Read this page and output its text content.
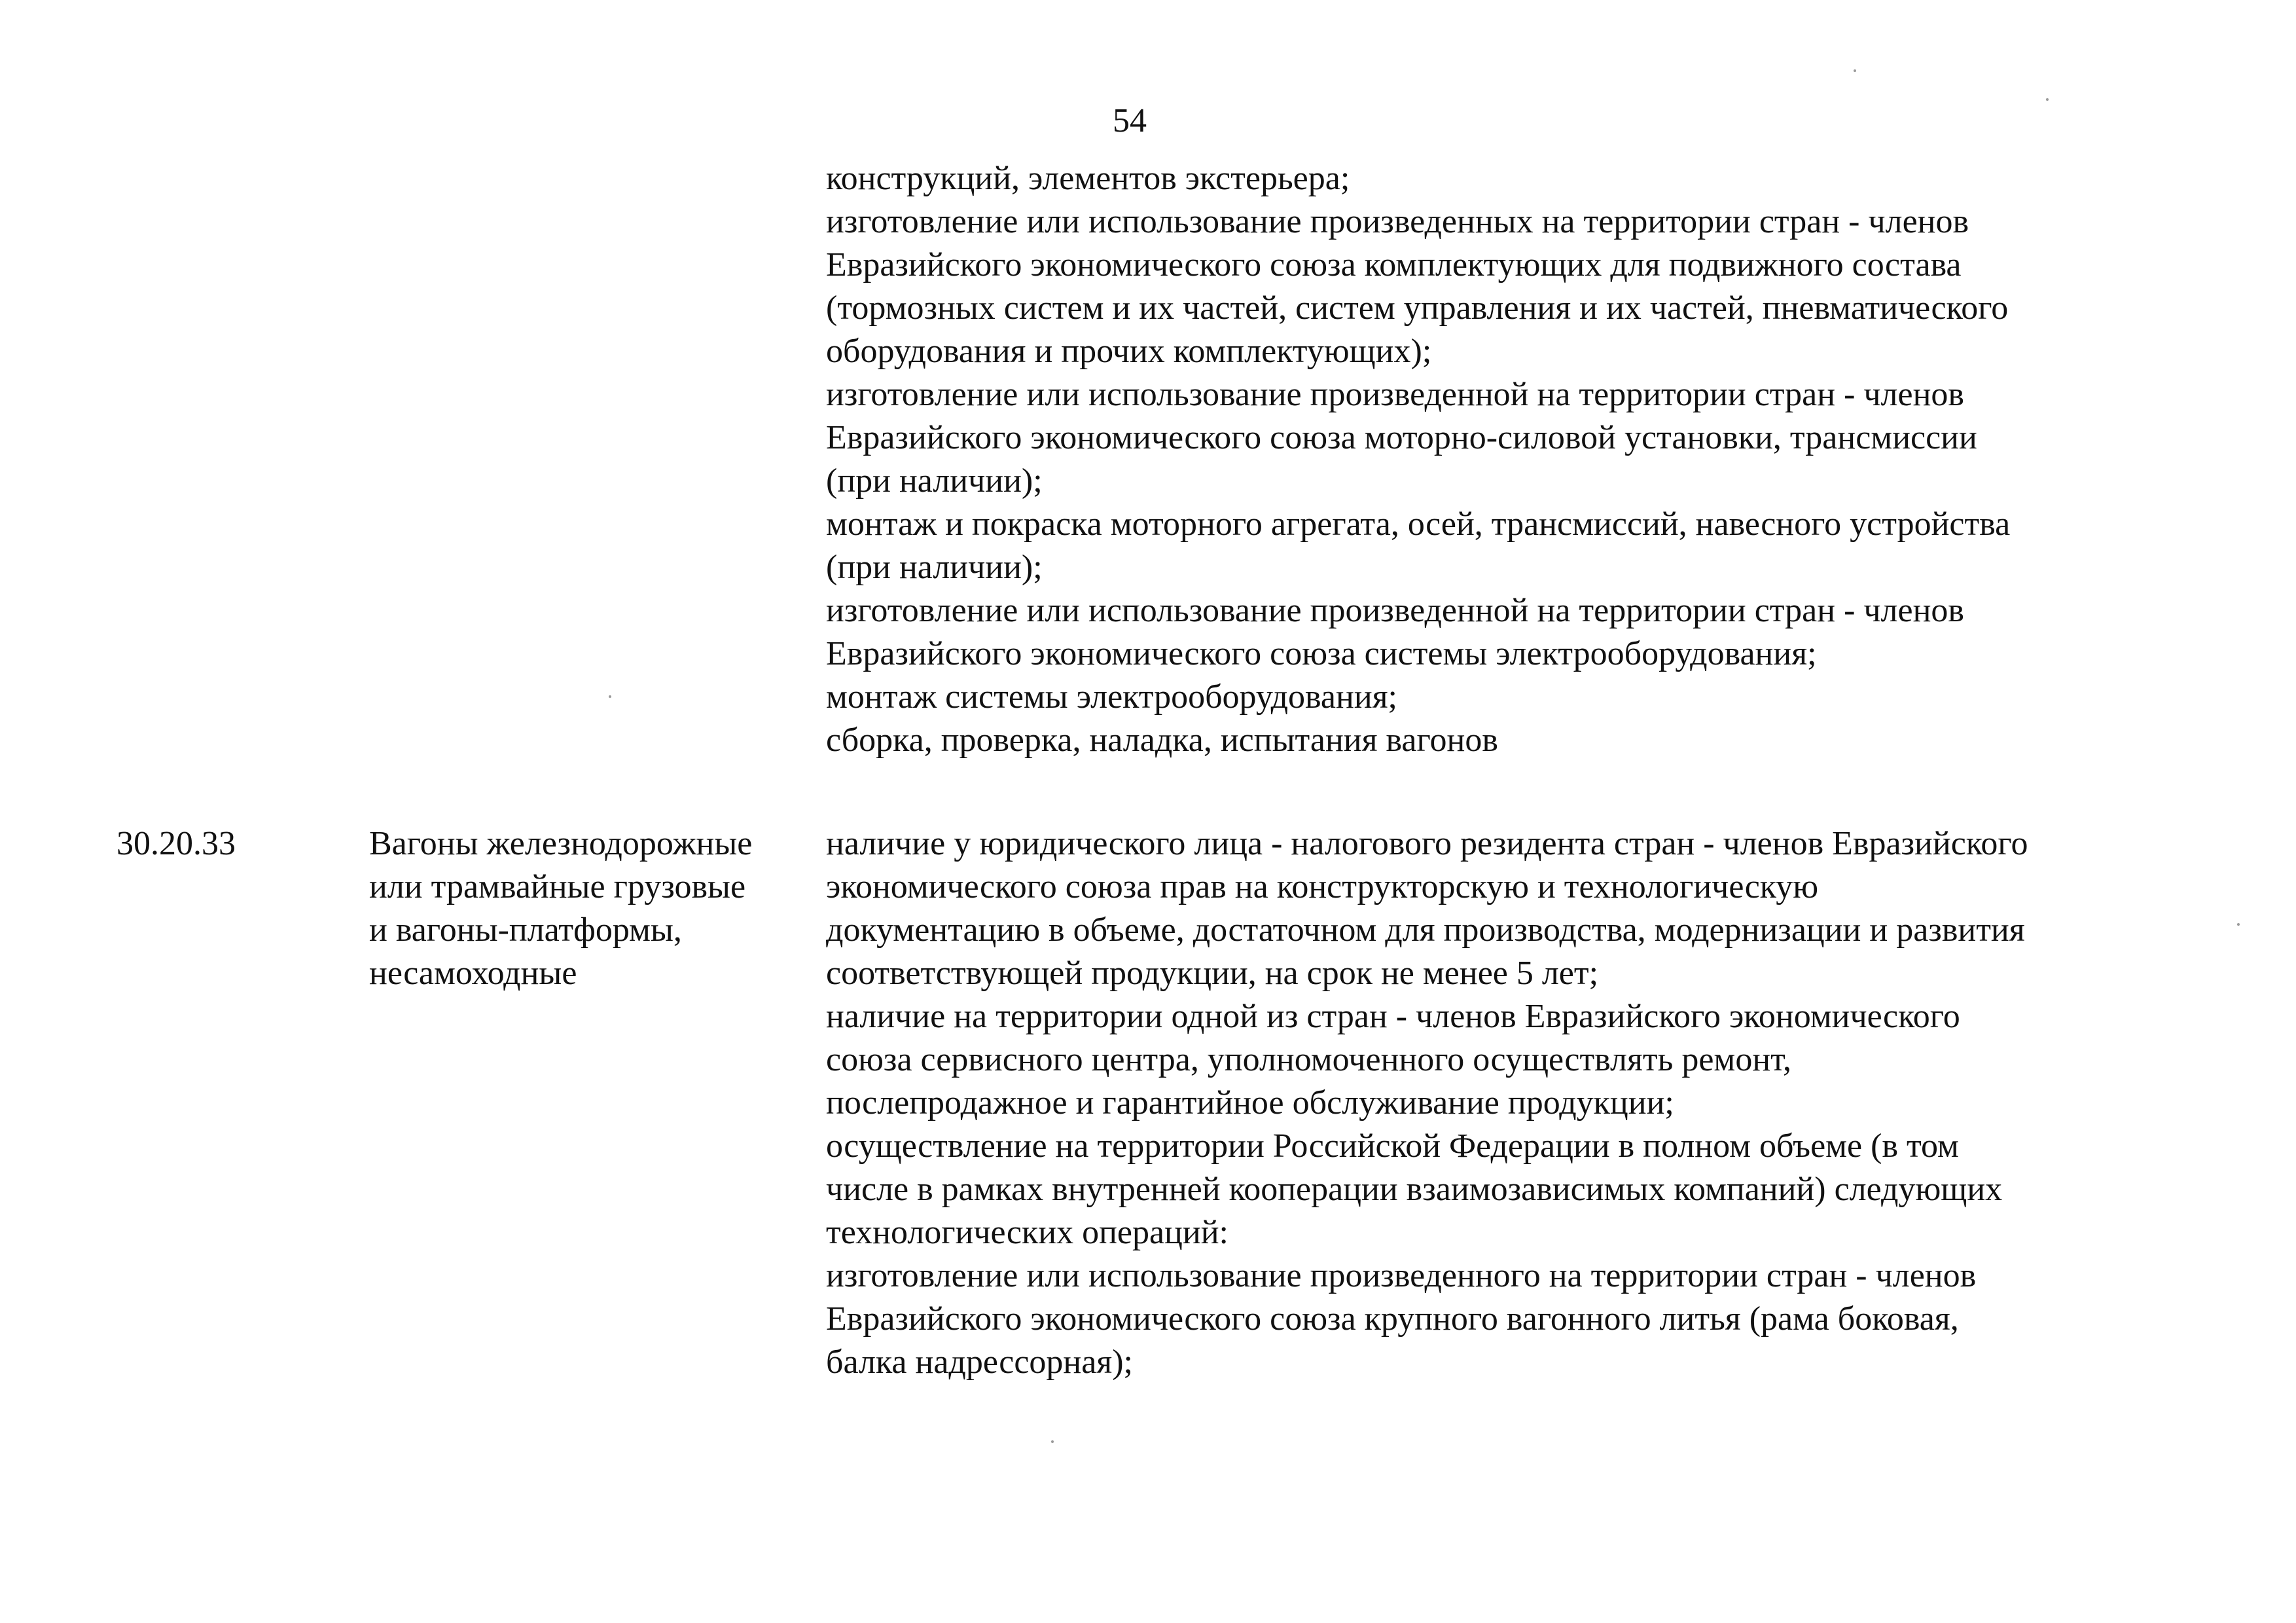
54
конструкций, элементов экстерьера;
изготовление или использование произведенных на территории стран - членов
Евразийского экономического союза комплектующих для подвижного состава
(тормозных систем и их частей, систем управления и их частей, пневматического
оборудования и прочих комплектующих);
изготовление или использование произведенной на территории стран - членов
Евразийского экономического союза моторно-силовой установки, трансмиссии
(при наличии);
монтаж и покраска моторного агрегата, осей, трансмиссий, навесного устройства
(при наличии);
изготовление или использование произведенной на территории стран - членов
Евразийского экономического союза системы электрооборудования;
монтаж системы электрооборудования;
сборка, проверка, наладка, испытания вагонов
30.20.33	Вагоны железнодорожные
или трамвайные грузовые
и вагоны-платформы,
несамоходные
наличие у юридического лица - налогового резидента стран - членов Евразийского
экономического союза прав на конструкторскую и технологическую
документацию в объеме, достаточном для производства, модернизации и развития
соответствующей продукции, на срок не менее 5 лет;
наличие на территории одной из стран - членов Евразийского экономического
союза сервисного центра, уполномоченного осуществлять ремонт,
послепродажное и гарантийное обслуживание продукции;
осуществление на территории Российской Федерации в полном объеме (в том
числе в рамках внутренней кооперации взаимозависимых компаний) следующих
технологических операций:
изготовление или использование произведенного на территории стран - членов
Евразийского экономического союза крупного вагонного литья (рама боковая,
балка надрессорная);
